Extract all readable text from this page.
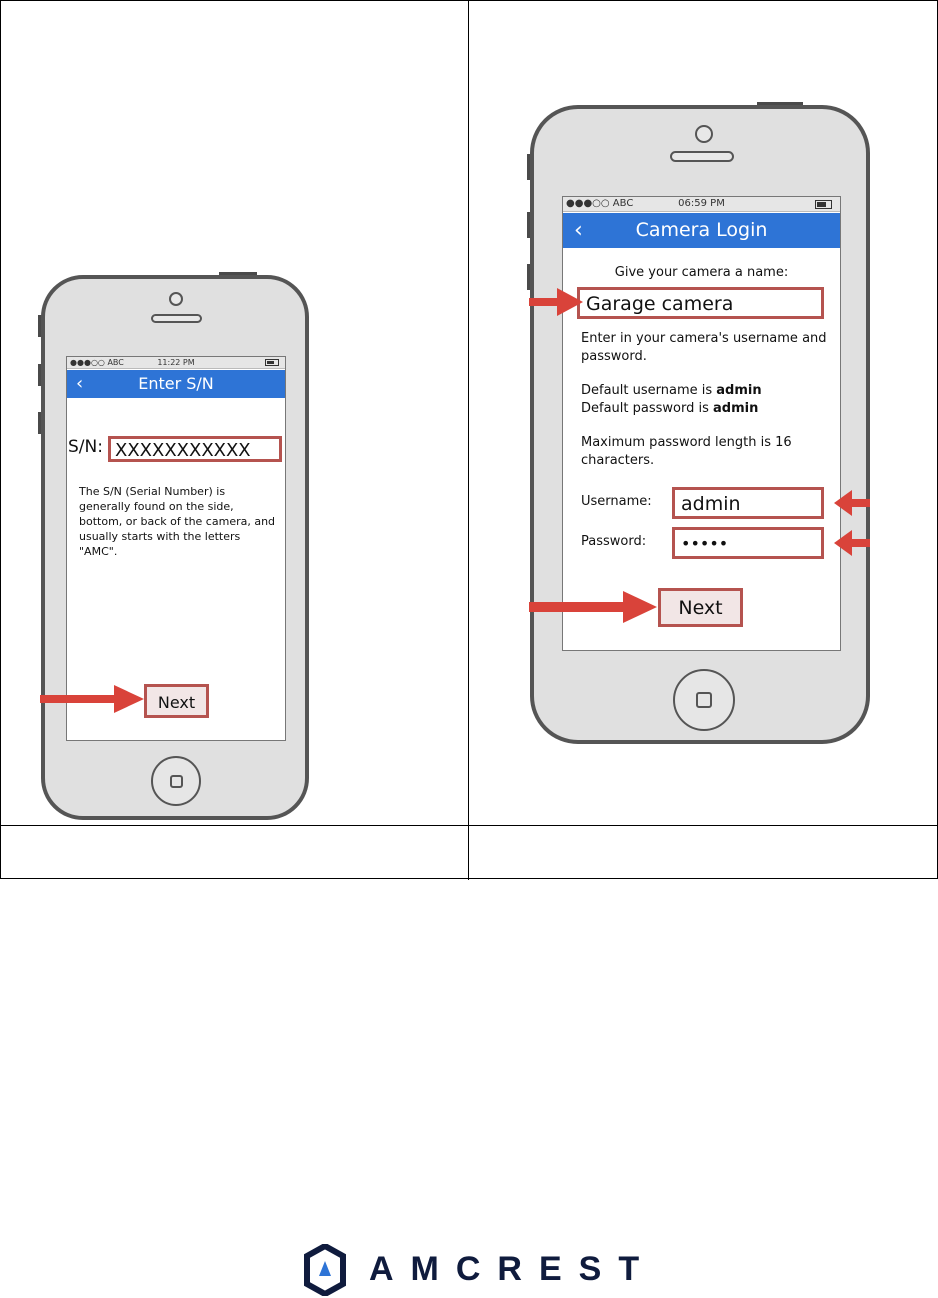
●●●○○ ABC	11:22 PM
‹	Enter S/N
S/N: XXXXXXXXXXX
The S/N (Serial Number) is generally found on the side, bottom, or back of the camera, and usually starts with the letters "AMC".
Next
●●●○○ ABC	06:59 PM
‹	Camera Login
Give your camera a name:
Garage camera
Enter in your camera's username and password.
Default username is admin
Default password is admin
Maximum password length is 16 characters.
Username: admin
Password: •••••
Next
AMCREST
